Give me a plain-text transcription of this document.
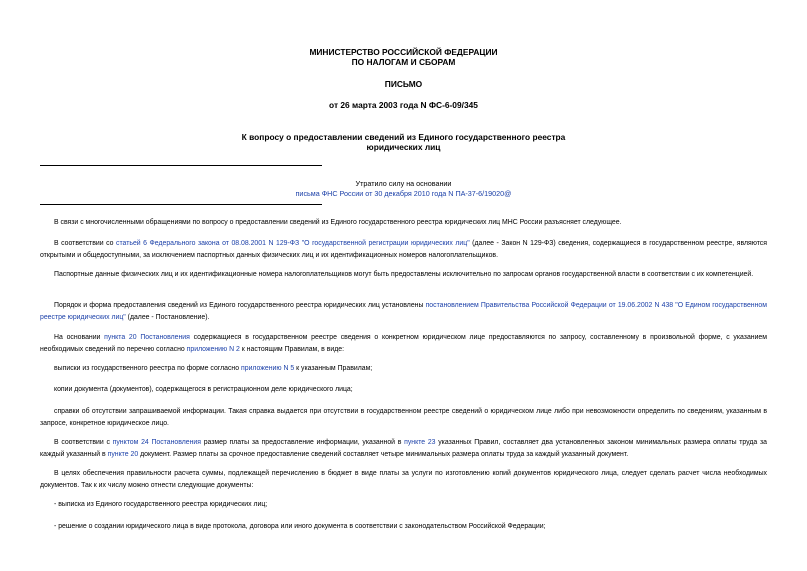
МИНИСТЕРСТВО РОССИЙСКОЙ ФЕДЕРАЦИИ
ПО НАЛОГАМ И СБОРАМ
ПИСЬМО
от 26 марта 2003 года N ФС-6-09/345
К вопросу о предоставлении сведений из Единого государственного реестра
юридических лиц
Утратило силу на основании
письма ФНС России от 30 декабря 2010 года N ПА-37-6/19020@
В связи с многочисленными обращениями по вопросу о предоставлении сведений из Единого государственного реестра юридических лиц МНС России разъясняет следующее.
В соответствии со статьей 6 Федерального закона от 08.08.2001 N 129-ФЗ "О государственной регистрации юридических лиц" (далее - Закон N 129-ФЗ) сведения, содержащиеся в государственном реестре, являются открытыми и общедоступными, за исключением паспортных данных физических лиц и их идентификационных номеров налогоплательщиков.
Паспортные данные физических лиц и их идентификационные номера налогоплательщиков могут быть предоставлены исключительно по запросам органов государственной власти в соответствии с их компетенцией.
Порядок и форма предоставления сведений из Единого государственного реестра юридических лиц установлены постановлением Правительства Российской Федерации от 19.06.2002 N 438 "О Едином государственном реестре юридических лиц" (далее - Постановление).
На основании пункта 20 Постановления содержащиеся в государственном реестре сведения о конкретном юридическом лице предоставляются по запросу, составленному в произвольной форме, с указанием необходимых сведений по перечню согласно приложению N 2 к настоящим Правилам, в виде:
выписки из государственного реестра по форме согласно приложению N 5 к указанным Правилам;
копии документа (документов), содержащегося в регистрационном деле юридического лица;
справки об отсутствии запрашиваемой информации. Такая справка выдается при отсутствии в государственном реестре сведений о юридическом лице либо при невозможности определить по сведениям, указанным в запросе, конкретное юридическое лицо.
В соответствии с пунктом 24 Постановления размер платы за предоставление информации, указанной в пункте 23 указанных Правил, составляет два установленных законом минимальных размера оплаты труда за каждый указанный в пункте 20 документ. Размер платы за срочное предоставление сведений составляет четыре минимальных размера оплаты труда за каждый указанный документ.
В целях обеспечения правильности расчета суммы, подлежащей перечислению в бюджет в виде платы за услуги по изготовлению копий документов юридического лица, следует сделать расчет числа необходимых документов. Так к их числу можно отнести следующие документы:
- выписка из Единого государственного реестра юридических лиц;
- решение о создании юридического лица в виде протокола, договора или иного документа в соответствии с законодательством Российской Федерации;
